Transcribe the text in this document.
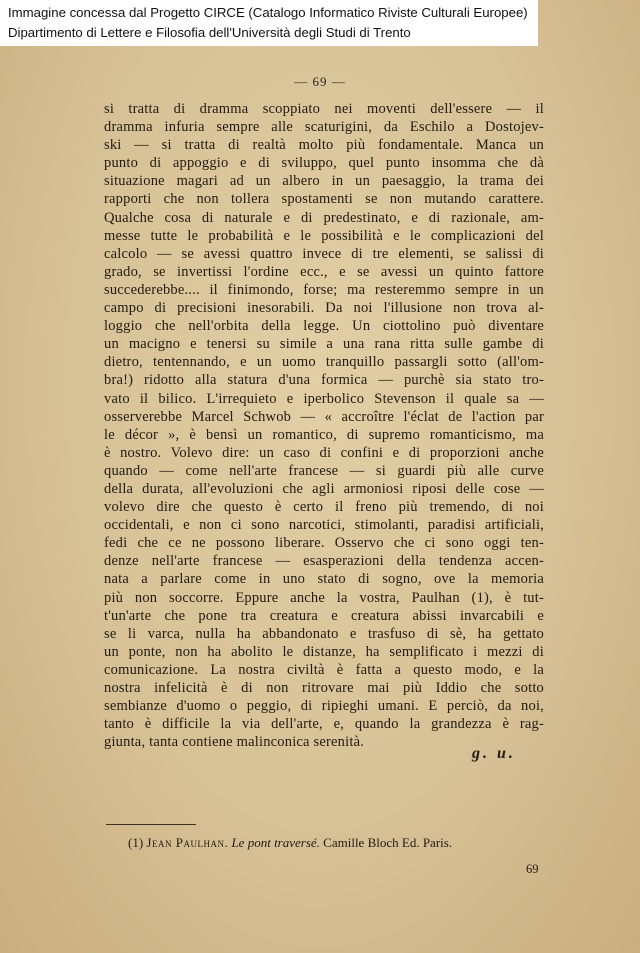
Immagine concessa dal Progetto CIRCE (Catalogo Informatico Riviste Culturali Europee)
Dipartimento di Lettere e Filosofia dell'Università degli Studi di Trento
— 69 —
si tratta di dramma scoppiato nei moventi dell'essere — il
dramma infuria sempre alle scaturigini, da Eschilo a Dostojev-
ski — si tratta di realtà molto più fondamentale. Manca un
punto di appoggio e di sviluppo, quel punto insomma che dà
situazione magari ad un albero in un paesaggio, la trama dei
rapporti che non tollera spostamenti se non mutando carattere.
Qualche cosa di naturale e di predestinato, e di razionale, am-
messe tutte le probabilità e le possibilità e le complicazioni del
calcolo — se avessi quattro invece di tre elementi, se salissi di
grado, se invertissi l'ordine ecc., e se avessi un quinto fattore
succederebbe.... il finimondo, forse; ma resteremmo sempre in un
campo di precisioni inesorabili. Da noi l'illusione non trova al-
loggio che nell'orbita della legge. Un ciottolino può diventare
un macigno e tenersi su simile a una rana ritta sulle gambe di
dietro, tentennando, e un uomo tranquillo passargli sotto (all'om-
bra!) ridotto alla statura d'una formica — purchè sia stato tro-
vato il bilico. L'irrequieto e iperbolico Stevenson il quale sa —
osserverebbe Marcel Schwob — « accroître l'éclat de l'action par
le décor », è bensì un romantico, di supremo romanticismo, ma
è nostro. Volevo dire: un caso di confini e di proporzioni anche
quando — come nell'arte francese — si guardi più alle curve
della durata, all'evoluzioni che agli armoniosi riposi delle cose —
volevo dire che questo è certo il freno più tremendo, di noi
occidentali, e non ci sono narcotici, stimolanti, paradisi artificiali,
fedi che ce ne possono liberare. Osservo che ci sono oggi ten-
denze nell'arte francese — esasperazioni della tendenza accen-
nata a parlare come in uno stato di sogno, ove la memoria
più non soccorre. Eppure anche la vostra, Paulhan (1), è tut-
t'un'arte che pone tra creatura e creatura abissi invarcabili e
se li varca, nulla ha abbandonato e trasfuso di sè, ha gettato
un ponte, non ha abolito le distanze, ha semplificato i mezzi di
comunicazione. La nostra civiltà è fatta a questo modo, e la
nostra infelicità è di non ritrovare mai più Iddio che sotto
sembianze d'uomo o peggio, di ripieghi umani. E perciò, da noi,
tanto è difficile la via dell'arte, e, quando la grandezza è rag-
giunta, tanta contiene malinconica serenità.
g. u.
(1) Jean Paulhan. Le pont traversé. Camille Bloch Ed. Paris.
69
